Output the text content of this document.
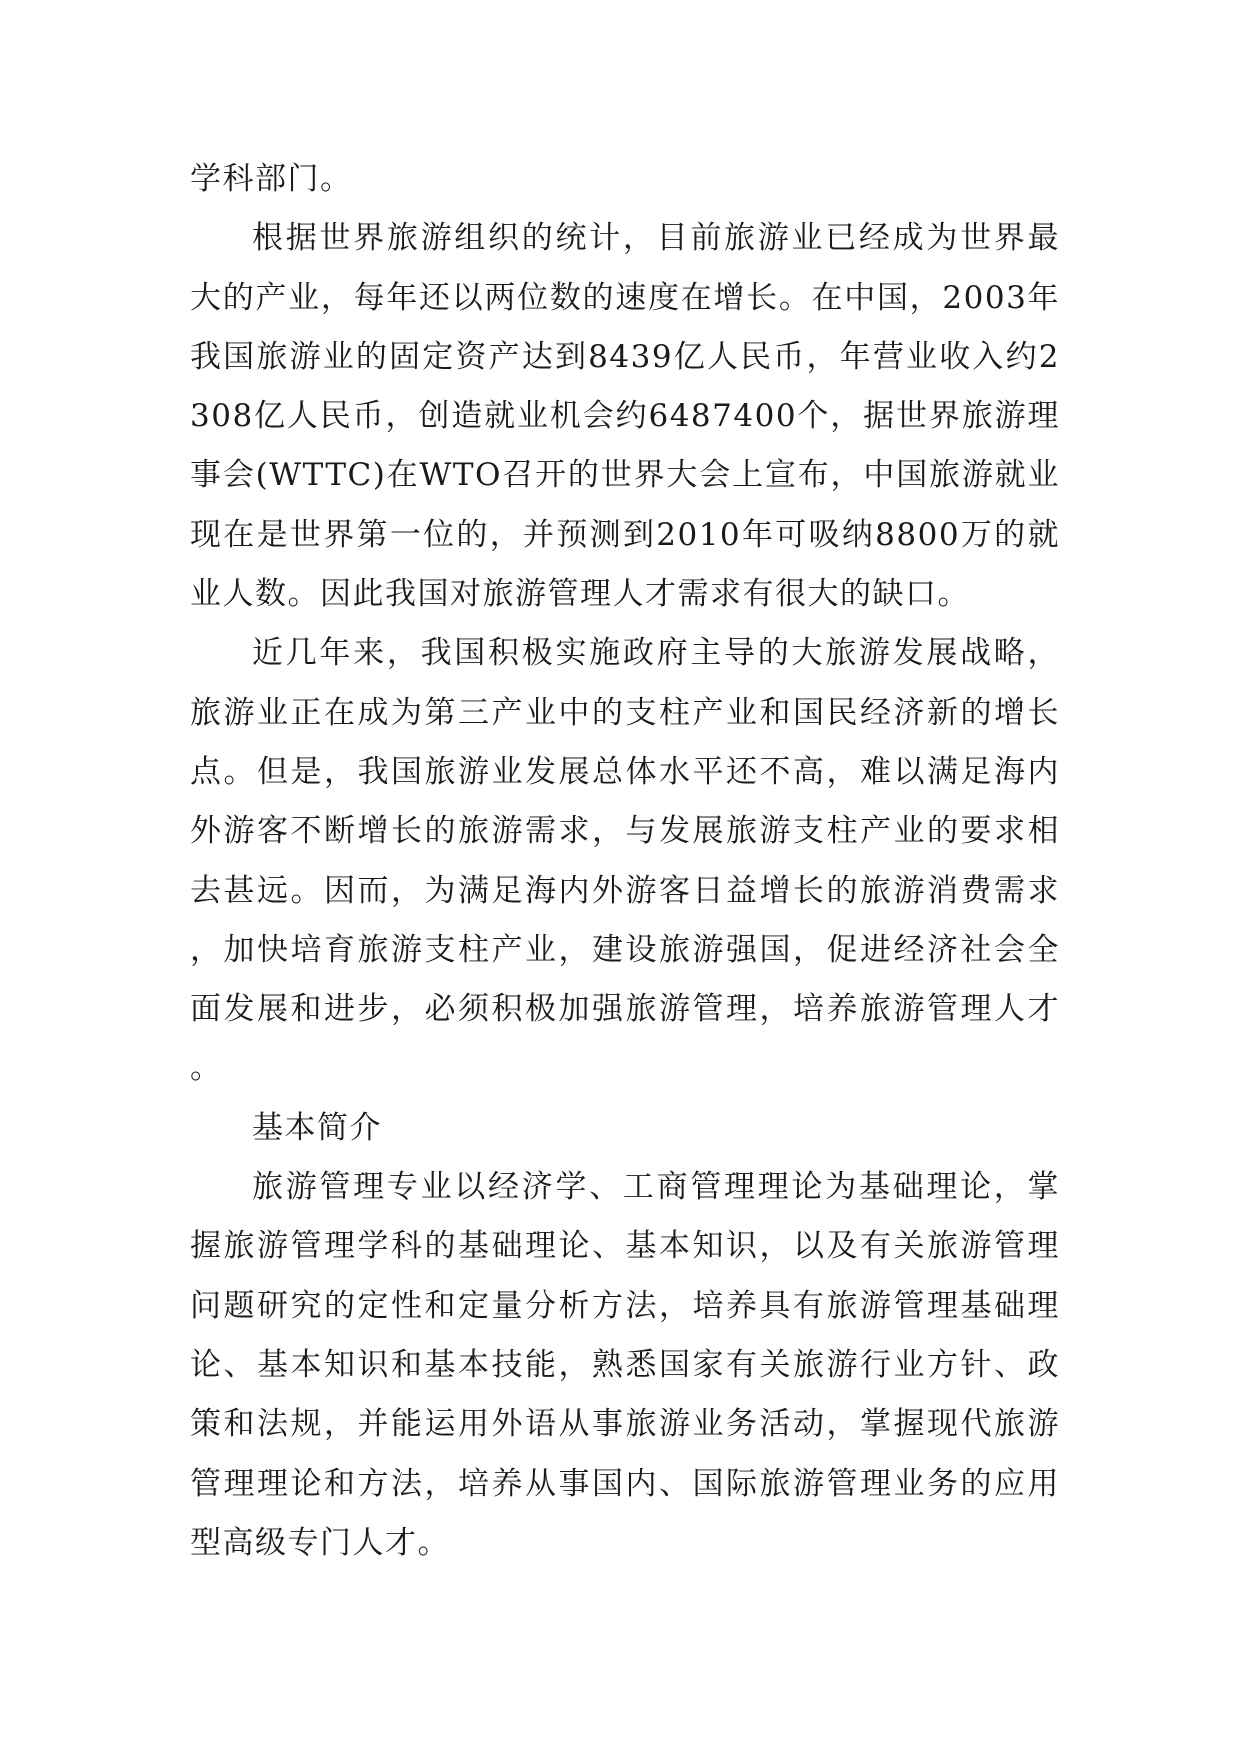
学科部门。

根据世界旅游组织的统计，目前旅游业已经成为世界最大的产业，每年还以两位数的速度在增长。在中国，2003年我国旅游业的固定资产达到8439亿人民币，年营业收入约2308亿人民币，创造就业机会约6487400个，据世界旅游理事会(WTTC)在WTO召开的世界大会上宣布，中国旅游就业现在是世界第一位的，并预测到2010年可吸纳8800万的就业人数。因此我国对旅游管理人才需求有很大的缺口。

近几年来，我国积极实施政府主导的大旅游发展战略，旅游业正在成为第三产业中的支柱产业和国民经济新的增长点。但是，我国旅游业发展总体水平还不高，难以满足海内外游客不断增长的旅游需求，与发展旅游支柱产业的要求相去甚远。因而，为满足海内外游客日益增长的旅游消费需求，加快培育旅游支柱产业，建设旅游强国，促进经济社会全面发展和进步，必须积极加强旅游管理，培养旅游管理人才。

基本简介

旅游管理专业以经济学、工商管理理论为基础理论，掌握旅游管理学科的基础理论、基本知识，以及有关旅游管理问题研究的定性和定量分析方法，培养具有旅游管理基础理论、基本知识和基本技能，熟悉国家有关旅游行业方针、政策和法规，并能运用外语从事旅游业务活动，掌握现代旅游管理理论和方法，培养从事国内、国际旅游管理业务的应用型高级专门人才。
